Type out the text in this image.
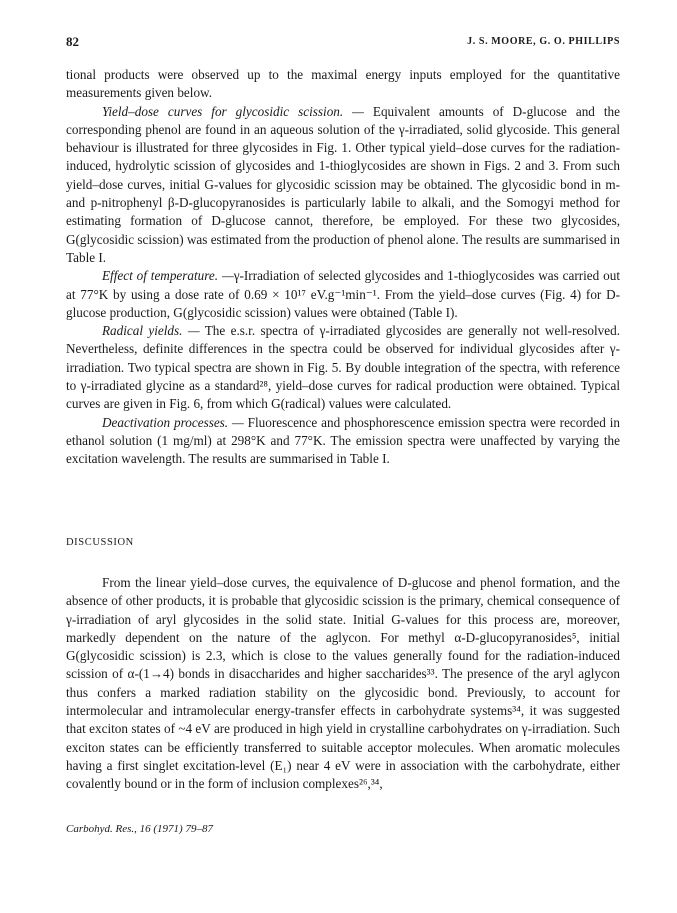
82	J. S. MOORE, G. O. PHILLIPS

tional products were observed up to the maximal energy inputs employed for the quantitative measurements given below.

Yield–dose curves for glycosidic scission. — Equivalent amounts of D-glucose and the corresponding phenol are found in an aqueous solution of the γ-irradiated, solid glycoside. This general behaviour is illustrated for three glycosides in Fig. 1. Other typical yield–dose curves for the radiation-induced, hydrolytic scission of glycosides and 1-thioglycosides are shown in Figs. 2 and 3. From such yield–dose curves, initial G-values for glycosidic scission may be obtained. The glycosidic bond in m- and p-nitrophenyl β-D-glucopyranosides is particularly labile to alkali, and the Somogyi method for estimating formation of D-glucose cannot, therefore, be employed. For these two glycosides, G(glycosidic scission) was estimated from the production of phenol alone. The results are summarised in Table I.

Effect of temperature. —γ-Irradiation of selected glycosides and 1-thioglycosides was carried out at 77°K by using a dose rate of 0.69 × 10¹⁷ eV.g⁻¹min⁻¹. From the yield–dose curves (Fig. 4) for D-glucose production, G(glycosidic scission) values were obtained (Table I).

Radical yields. — The e.s.r. spectra of γ-irradiated glycosides are generally not well-resolved. Nevertheless, definite differences in the spectra could be observed for individual glycosides after γ-irradiation. Two typical spectra are shown in Fig. 5. By double integration of the spectra, with reference to γ-irradiated glycine as a standard²⁸, yield–dose curves for radical production were obtained. Typical curves are given in Fig. 6, from which G(radical) values were calculated.

Deactivation processes. — Fluorescence and phosphorescence emission spectra were recorded in ethanol solution (1 mg/ml) at 298°K and 77°K. The emission spectra were unaffected by varying the excitation wavelength. The results are summarised in Table I.

DISCUSSION

From the linear yield–dose curves, the equivalence of D-glucose and phenol formation, and the absence of other products, it is probable that glycosidic scission is the primary, chemical consequence of γ-irradiation of aryl glycosides in the solid state. Initial G-values for this process are, moreover, markedly dependent on the nature of the aglycon. For methyl α-D-glucopyranosides⁵, initial G(glycosidic scission) is 2.3, which is close to the values generally found for the radiation-induced scission of α-(1→4) bonds in disaccharides and higher saccharides³³. The presence of the aryl aglycon thus confers a marked radiation stability on the glycosidic bond. Previously, to account for intermolecular and intramolecular energy-transfer effects in carbohydrate systems³⁴, it was suggested that exciton states of ~4 eV are produced in high yield in crystalline carbohydrates on γ-irradiation. Such exciton states can be efficiently transferred to suitable acceptor molecules. When aromatic molecules having a first singlet excitation-level (E₁) near 4 eV were in association with the carbohydrate, either covalently bound or in the form of inclusion complexes²⁶,³⁴,

Carbohyd. Res., 16 (1971) 79–87
